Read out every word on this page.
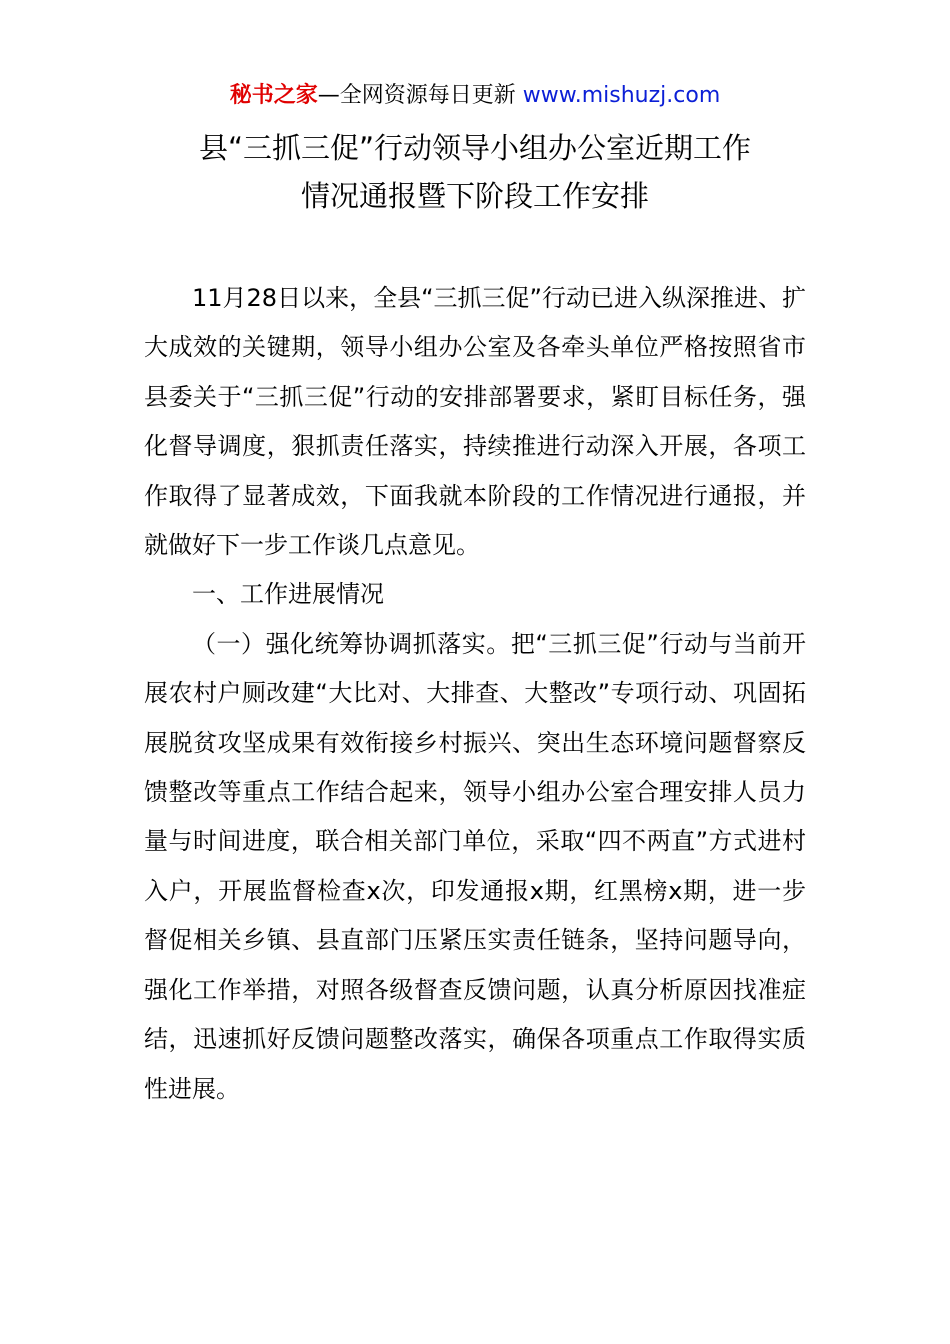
秘书之家—全网资源每日更新 www.mishuzj.com
县“三抓三促”行动领导小组办公室近期工作
情况通报暨下阶段工作安排

11月28日以来，全县“三抓三促”行动已进入纵深推进、扩大成效的关键期，领导小组办公室及各牵头单位严格按照省市县委关于“三抓三促”行动的安排部署要求，紧盯目标任务，强化督导调度，狠抓责任落实，持续推进行动深入开展，各项工作取得了显著成效，下面我就本阶段的工作情况进行通报，并就做好下一步工作谈几点意见。

一、工作进展情况

（一）强化统筹协调抓落实。把“三抓三促”行动与当前开展农村户厕改建“大比对、大排查、大整改”专项行动、巩固拓展脱贫攻坚成果有效衔接乡村振兴、突出生态环境问题督察反馈整改等重点工作结合起来，领导小组办公室合理安排人员力量与时间进度，联合相关部门单位，采取“四不两直”方式进村入户，开展监督检查x次，印发通报x期，红黑榜x期，进一步督促相关乡镇、县直部门压紧压实责任链条，坚持问题导向，强化工作举措，对照各级督查反馈问题，认真分析原因找准症结，迅速抓好反馈问题整改落实，确保各项重点工作取得实质性进展。
